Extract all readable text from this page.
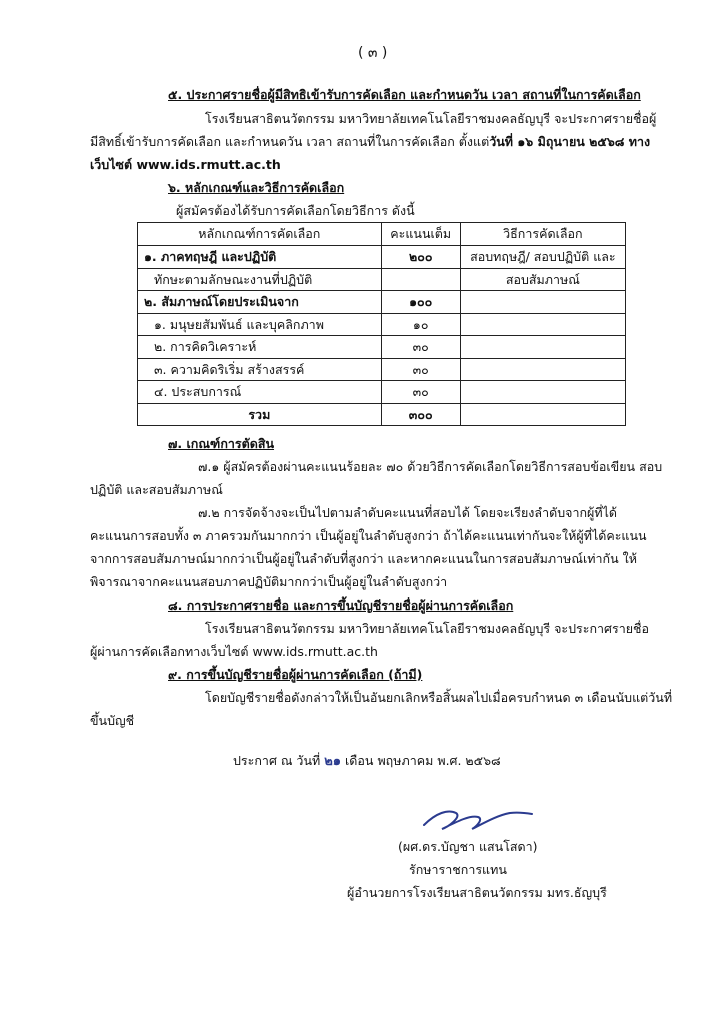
( ๓ )
๕. ประกาศรายชื่อผู้มีสิทธิเข้ารับการคัดเลือก และกำหนดวัน เวลา สถานที่ในการคัดเลือก
โรงเรียนสาธิตนวัตกรรม มหาวิทยาลัยเทคโนโลยีราชมงคลธัญบุรี จะประกาศรายชื่อผู้
มีสิทธิ์เข้ารับการคัดเลือก และกำหนดวัน เวลา สถานที่ในการคัดเลือก ตั้งแต่วันที่ ๑๖ มิถุนายน ๒๕๖๘ ทาง
เว็บไซต์ www.ids.rmutt.ac.th
๖. หลักเกณฑ์และวิธีการคัดเลือก
ผู้สมัครต้องได้รับการคัดเลือกโดยวิธีการ ดังนี้
หลักเกณฑ์การคัดเลือก	คะแนนเต็ม	วิธีการคัดเลือก
๑. ภาคทฤษฎี และปฏิบัติ	๒๐๐	สอบทฤษฎี/ สอบปฏิบัติ และ
ทักษะตามลักษณะงานที่ปฏิบัติ		สอบสัมภาษณ์
๒. สัมภาษณ์โดยประเมินจาก	๑๐๐	
๑. มนุษยสัมพันธ์ และบุคลิกภาพ	๑๐	
๒. การคิดวิเคราะห์	๓๐	
๓. ความคิดริเริ่ม สร้างสรรค์	๓๐	
๔. ประสบการณ์	๓๐	
รวม	๓๐๐	
๗. เกณฑ์การตัดสิน
๗.๑ ผู้สมัครต้องผ่านคะแนนร้อยละ ๗๐ ด้วยวิธีการคัดเลือกโดยวิธีการสอบข้อเขียน สอบ
ปฏิบัติ และสอบสัมภาษณ์
๗.๒ การจัดจ้างจะเป็นไปตามลำดับคะแนนที่สอบได้ โดยจะเรียงลำดับจากผู้ที่ได้
คะแนนการสอบทั้ง ๓ ภาครวมกันมากกว่า เป็นผู้อยู่ในลำดับสูงกว่า ถ้าได้คะแนนเท่ากันจะให้ผู้ที่ได้คะแนน
จากการสอบสัมภาษณ์มากกว่าเป็นผู้อยู่ในลำดับที่สูงกว่า และหากคะแนนในการสอบสัมภาษณ์เท่ากัน ให้
พิจารณาจากคะแนนสอบภาคปฏิบัติมากกว่าเป็นผู้อยู่ในลำดับสูงกว่า
๘. การประกาศรายชื่อ และการขึ้นบัญชีรายชื่อผู้ผ่านการคัดเลือก
โรงเรียนสาธิตนวัตกรรม มหาวิทยาลัยเทคโนโลยีราชมงคลธัญบุรี จะประกาศรายชื่อ
ผู้ผ่านการคัดเลือกทางเว็บไซต์ www.ids.rmutt.ac.th
๙. การขึ้นบัญชีรายชื่อผู้ผ่านการคัดเลือก (ถ้ามี)
โดยบัญชีรายชื่อดังกล่าวให้เป็นอันยกเลิกหรือสิ้นผลไปเมื่อครบกำหนด ๓ เดือนนับแต่วันที่
ขึ้นบัญชี
ประกาศ ณ วันที่ ๒๑ เดือน พฤษภาคม พ.ศ. ๒๕๖๘
(ผศ.ดร.บัญชา แสนโสดา)
รักษาราชการแทน
ผู้อำนวยการโรงเรียนสาธิตนวัตกรรม มทร.ธัญบุรี
